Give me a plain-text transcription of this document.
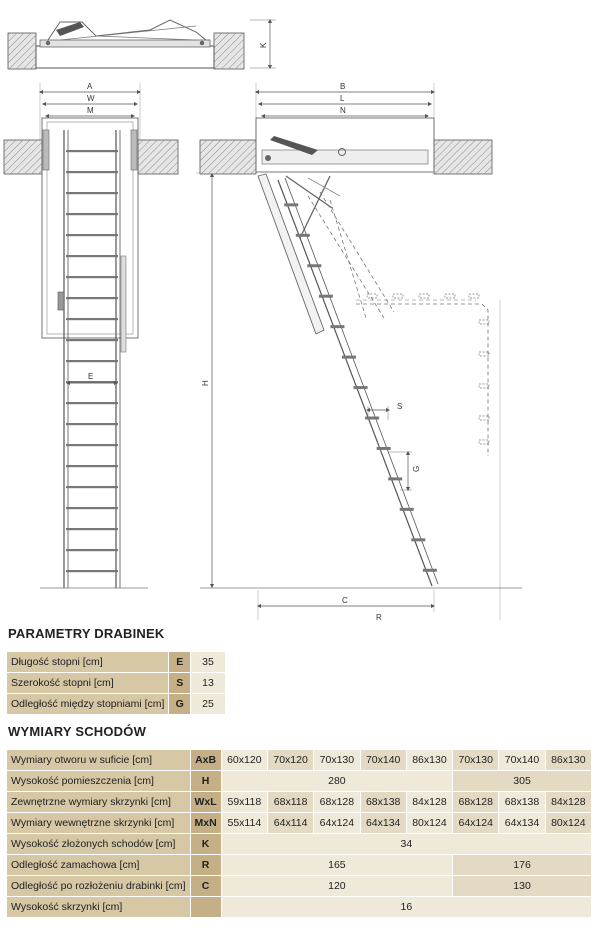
K
A
W
M
E
H
B
L
N
S
G
C
R
PARAMETRY DRABINEK
Długość stopni [cm]	E	35
Szerokość stopni [cm]	S	13
Odległość między stopniami [cm]	G	25
WYMIARY SCHODÓW
Wymiary otworu w suficie [cm]	AxB	60x120	70x120	70x130	70x140	86x130	70x130	70x140	86x130
Wysokość pomieszczenia [cm]	H	280					305		
Zewnętrzne wymiary skrzynki [cm]	WxL	59x118	68x118	68x128	68x138	84x128	68x128	68x138	84x128
Wymiary wewnętrzne skrzynki [cm]	MxN	55x114	64x114	64x124	64x134	80x124	64x124	64x134	80x124
Wysokość złożonych schodów [cm]	K	34							
Odległość zamachowa [cm]	R	165					176		
Odległość po rozłożeniu drabinki [cm]	C	120					130		
Wysokość skrzynki [cm]		16							
